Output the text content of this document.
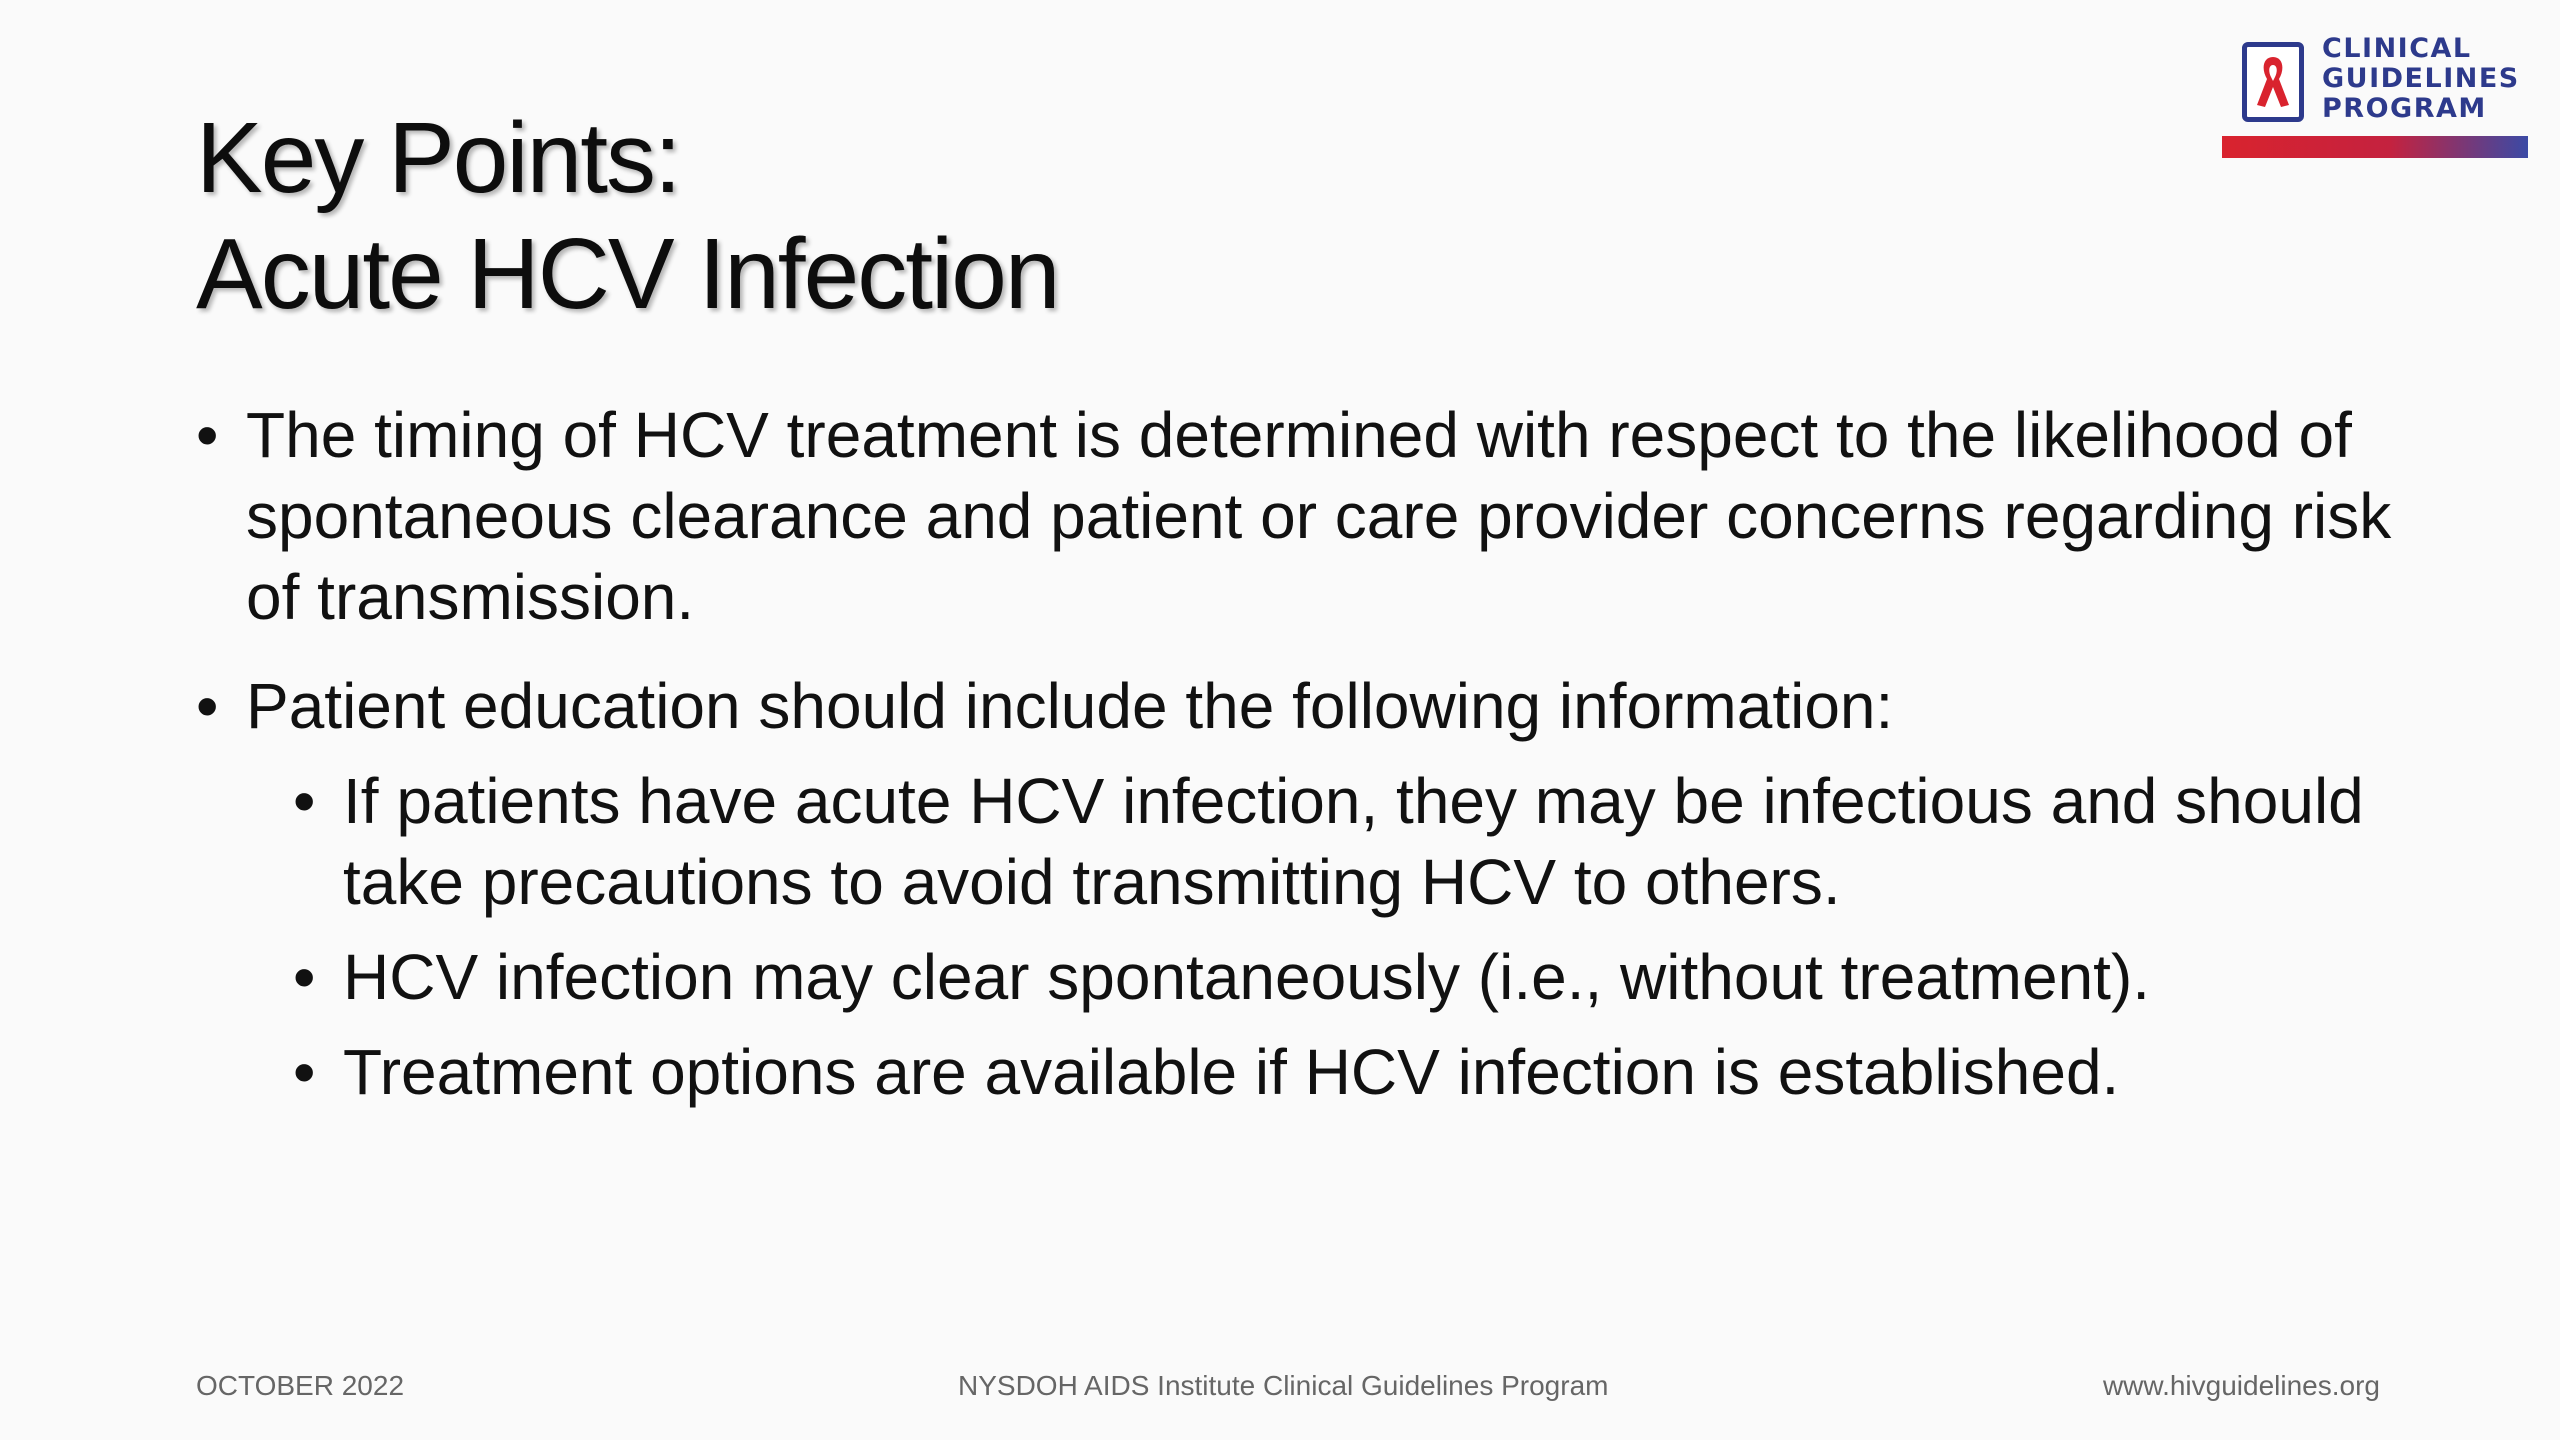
Key Points:
Acute HCV Infection
• The timing of HCV treatment is determined with respect to the likelihood of spontaneous clearance and patient or care provider concerns regarding risk of transmission.
• Patient education should include the following information:
• If patients have acute HCV infection, they may be infectious and should take precautions to avoid transmitting HCV to others.
• HCV infection may clear spontaneously (i.e., without treatment).
• Treatment options are available if HCV infection is established.
CLINICAL
GUIDELINES
PROGRAM
OCTOBER 2022	NYSDOH AIDS Institute Clinical Guidelines Program	www.hivguidelines.org
